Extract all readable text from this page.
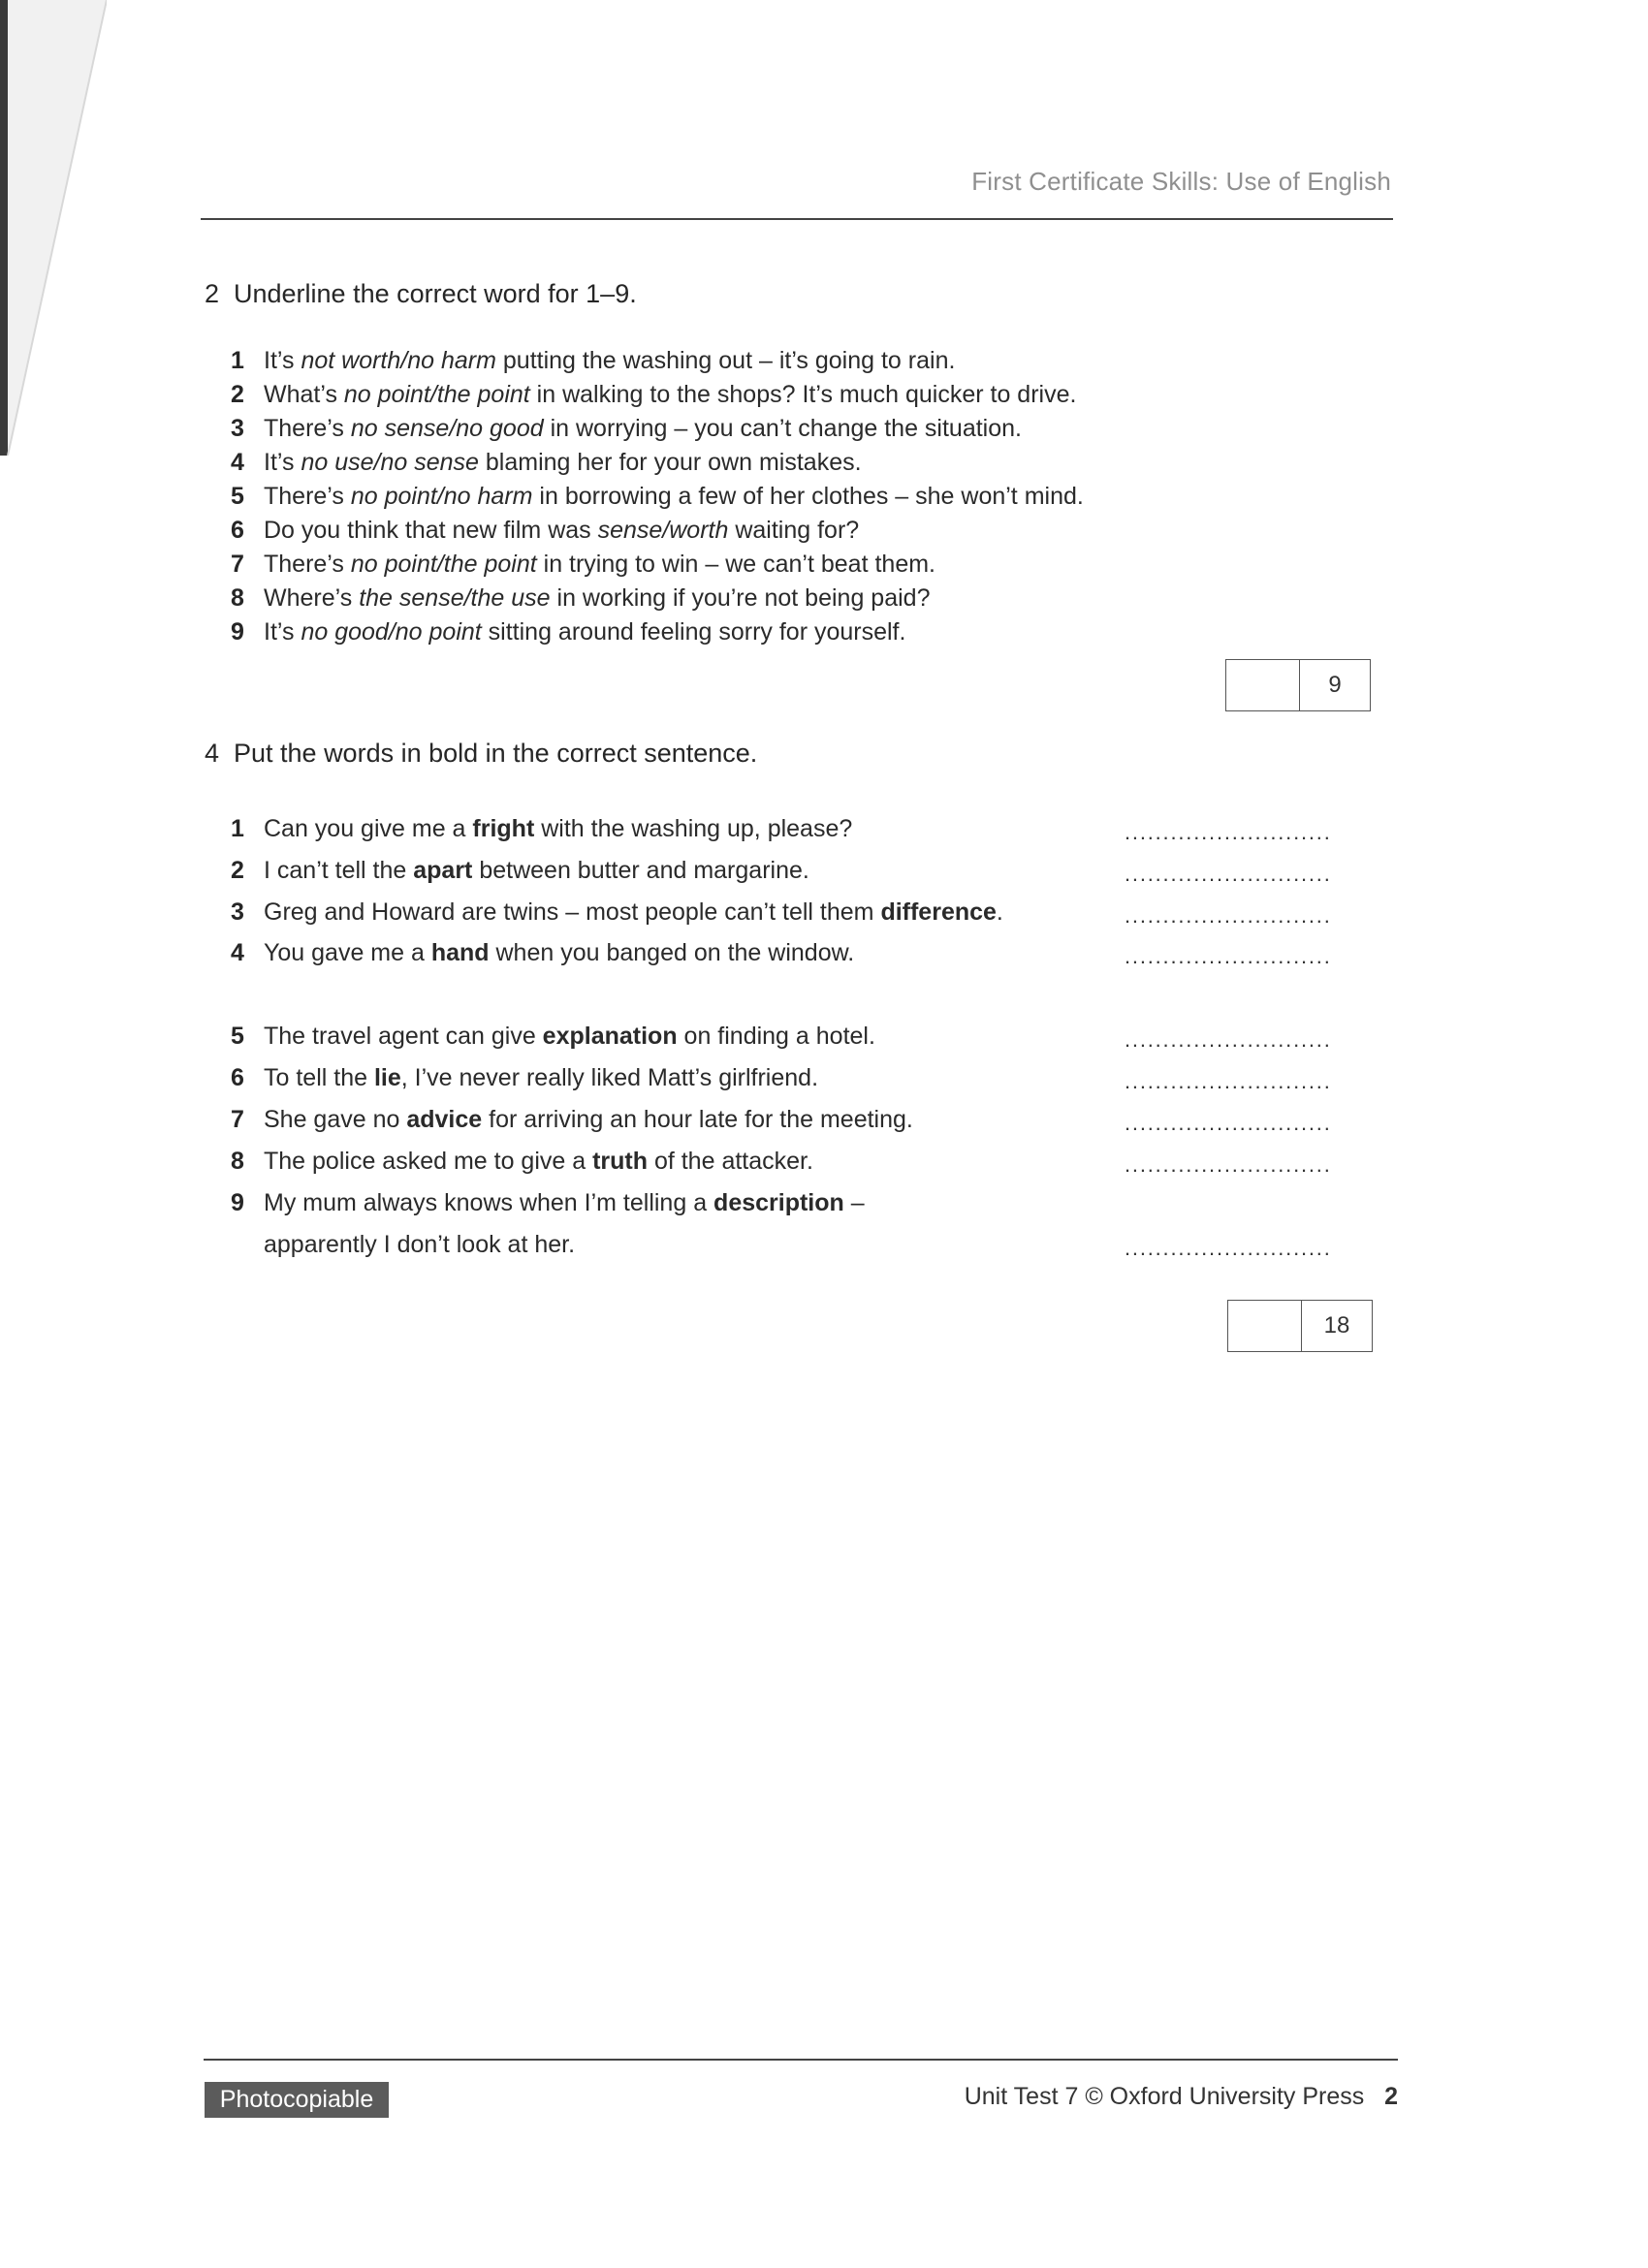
First Certificate Skills: Use of English
2 Underline the correct word for 1–9.
1 It’s not worth/no harm putting the washing out – it’s going to rain.
2 What’s no point/the point in walking to the shops? It’s much quicker to drive.
3 There’s no sense/no good in worrying – you can’t change the situation.
4 It’s no use/no sense blaming her for your own mistakes.
5 There’s no point/no harm in borrowing a few of her clothes – she won’t mind.
6 Do you think that new film was sense/worth waiting for?
7 There’s no point/the point in trying to win – we can’t beat them.
8 Where’s the sense/the use in working if you’re not being paid?
9 It’s no good/no point sitting around feeling sorry for yourself.
9
4 Put the words in bold in the correct sentence.
1 Can you give me a fright with the washing up, please?	...........................
2 I can’t tell the apart between butter and margarine.	...........................
3 Greg and Howard are twins – most people can’t tell them difference.	...........................
4 You gave me a hand when you banged on the window.	...........................
5 The travel agent can give explanation on finding a hotel.	...........................
6 To tell the lie, I’ve never really liked Matt’s girlfriend.	...........................
7 She gave no advice for arriving an hour late for the meeting.	...........................
8 The police asked me to give a truth of the attacker.	...........................
9 My mum always knows when I’m telling a description –
apparently I don’t look at her.	...........................
18
Photocopiable	Unit Test 7 © Oxford University Press 2
